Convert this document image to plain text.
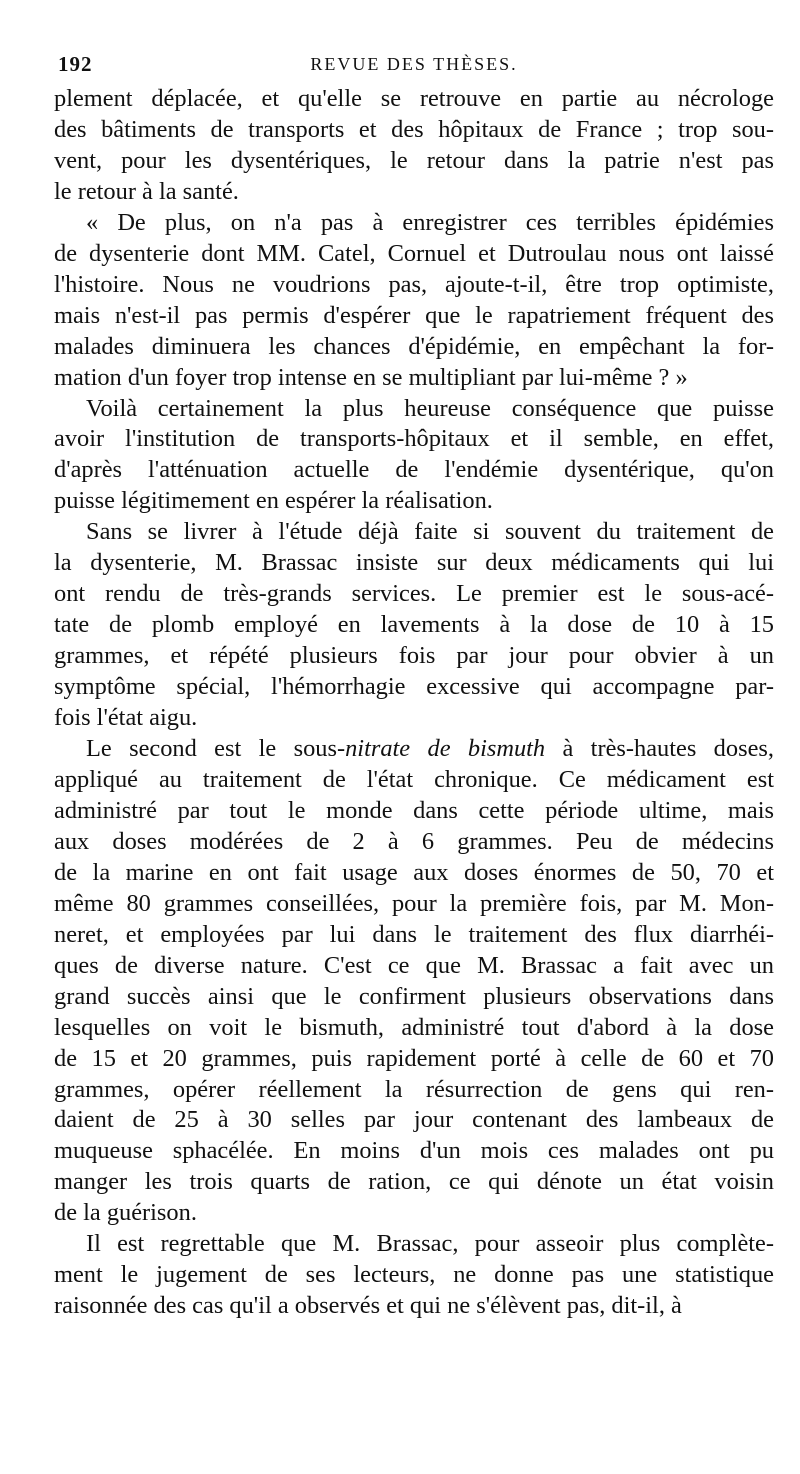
192	REVUE DES THÈSES.

plement déplacée, et qu'elle se retrouve en partie au nécrologe
des bâtiments de transports et des hôpitaux de France ; trop sou-
vent, pour les dysentériques, le retour dans la patrie n'est pas
le retour à la santé.

« De plus, on n'a pas à enregistrer ces terribles épidémies
de dysenterie dont MM. Catel, Cornuel et Dutroulau nous ont laissé
l'histoire. Nous ne voudrions pas, ajoute-t-il, être trop optimiste,
mais n'est-il pas permis d'espérer que le rapatriement fréquent des
malades diminuera les chances d'épidémie, en empêchant la for-
mation d'un foyer trop intense en se multipliant par lui-même ? »

Voilà certainement la plus heureuse conséquence que puisse
avoir l'institution de transports-hôpitaux et il semble, en effet,
d'après l'atténuation actuelle de l'endémie dysentérique, qu'on
puisse légitimement en espérer la réalisation.

Sans se livrer à l'étude déjà faite si souvent du traitement de
la dysenterie, M. Brassac insiste sur deux médicaments qui lui
ont rendu de très-grands services. Le premier est le sous-acé-
tate de plomb employé en lavements à la dose de 10 à 15
grammes, et répété plusieurs fois par jour pour obvier à un
symptôme spécial, l'hémorrhagie excessive qui accompagne par-
fois l'état aigu.

Le second est le sous-nitrate de bismuth à très-hautes doses,
appliqué au traitement de l'état chronique. Ce médicament est
administré par tout le monde dans cette période ultime, mais
aux doses modérées de 2 à 6 grammes. Peu de médecins
de la marine en ont fait usage aux doses énormes de 50, 70 et
même 80 grammes conseillées, pour la première fois, par M. Mon-
neret, et employées par lui dans le traitement des flux diarrhéi-
ques de diverse nature. C'est ce que M. Brassac a fait avec un
grand succès ainsi que le confirment plusieurs observations dans
lesquelles on voit le bismuth, administré tout d'abord à la dose
de 15 et 20 grammes, puis rapidement porté à celle de 60 et 70
grammes, opérer réellement la résurrection de gens qui ren-
daient de 25 à 30 selles par jour contenant des lambeaux de
muqueuse sphacélée. En moins d'un mois ces malades ont pu
manger les trois quarts de ration, ce qui dénote un état voisin
de la guérison.

Il est regrettable que M. Brassac, pour asseoir plus complète-
ment le jugement de ses lecteurs, ne donne pas une statistique
raisonnée des cas qu'il a observés et qui ne s'élèvent pas, dit-il, à
